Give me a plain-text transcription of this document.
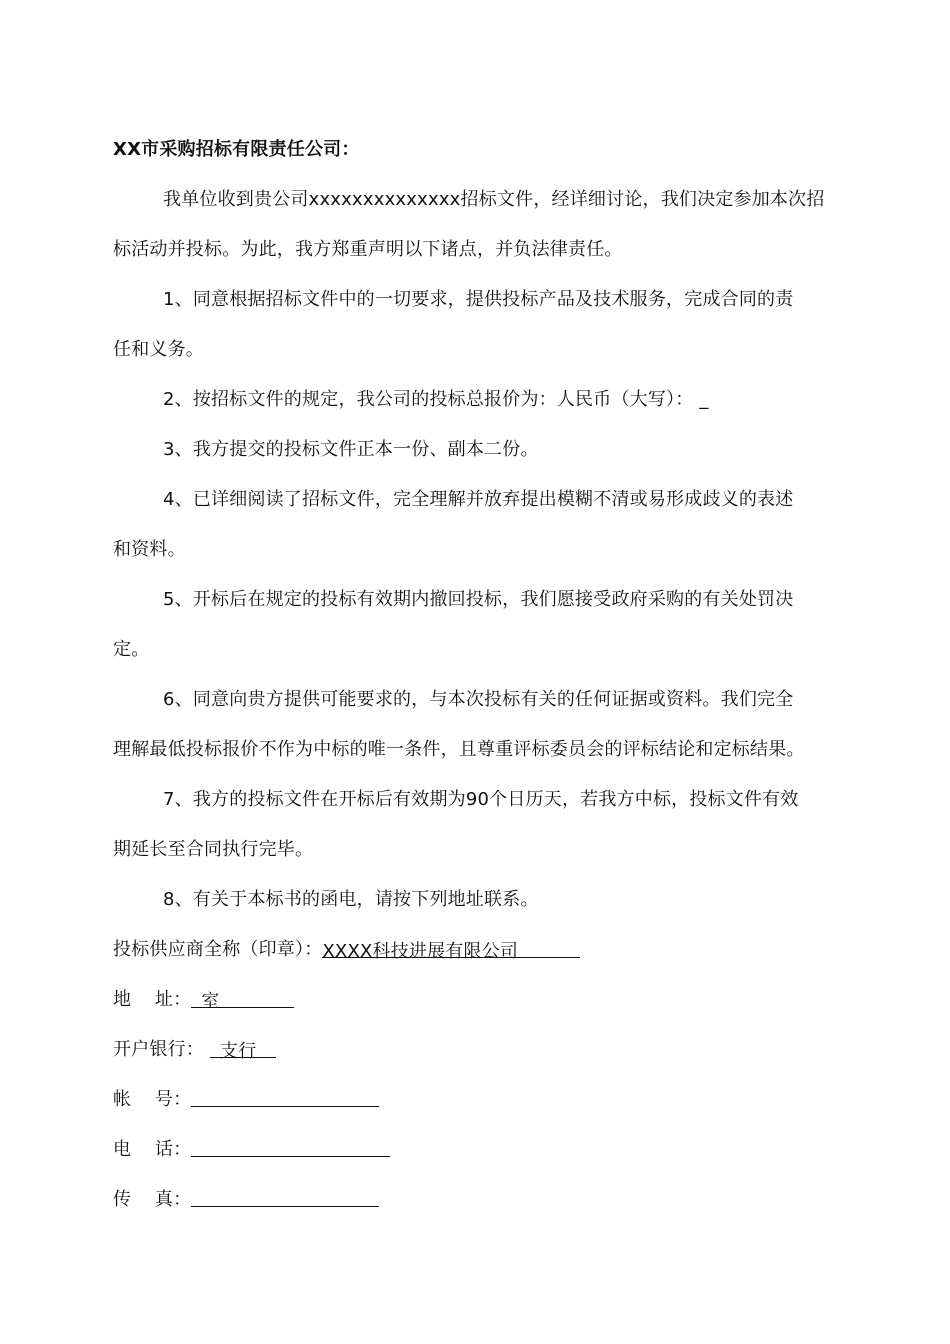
XX市采购招标有限责任公司：
我单位收到贵公司xxxxxxxxxxxxxx招标文件，经详细讨论，我们决定参加本次招
标活动并投标。为此，我方郑重声明以下诸点，并负法律责任。
1、同意根据招标文件中的一切要求，提供投标产品及技术服务，完成合同的责
任和义务。
2、按招标文件的规定，我公司的投标总报价为：人民币（大写）： _
3、我方提交的投标文件正本一份、副本二份。
4、已详细阅读了招标文件，完全理解并放弃提出模糊不清或易形成歧义的表述
和资料。
5、开标后在规定的投标有效期内撤回投标，我们愿接受政府采购的有关处罚决
定。
6、同意向贵方提供可能要求的，与本次投标有关的任何证据或资料。我们完全
理解最低投标报价不作为中标的唯一条件，且尊重评标委员会的评标结论和定标结果。
7、我方的投标文件在开标后有效期为90个日历天，若我方中标，投标文件有效
期延长至合同执行完毕。
8、有关于本标书的函电，请按下列地址联系。
投标供应商全称（印章）：XXXX科技进展有限公司
地    址： 室
开户银行： 支行
帐    号：
电    话：
传    真：
